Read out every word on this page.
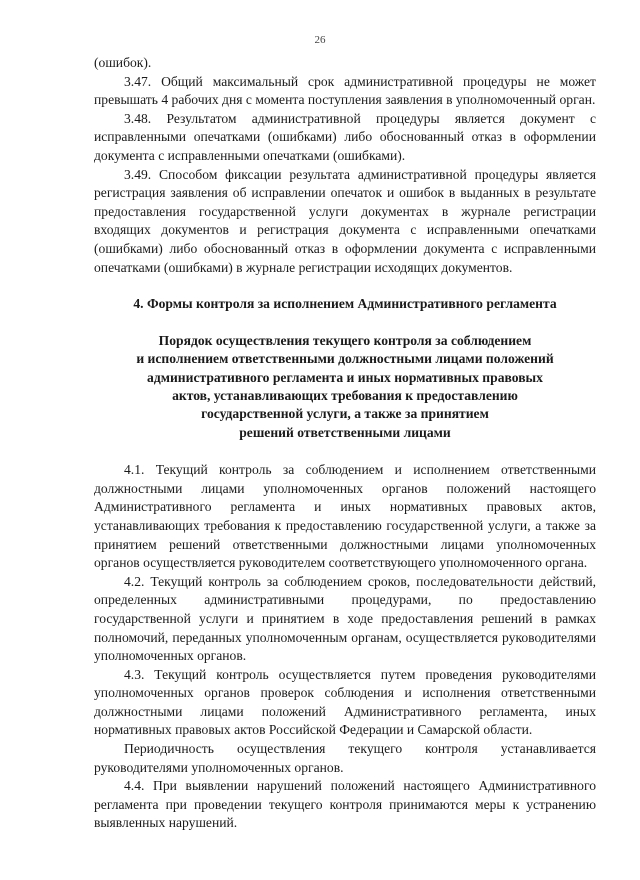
26

(ошибок).

3.47. Общий максимальный срок административной процедуры не может превышать 4 рабочих дня с момента поступления заявления в уполномоченный орган.

3.48. Результатом административной процедуры является документ с исправленными опечатками (ошибками) либо обоснованный отказ в оформлении документа с исправленными опечатками (ошибками).

3.49. Способом фиксации результата административной процедуры является регистрация заявления об исправлении опечаток и ошибок в выданных в результате предоставления государственной услуги документах в журнале регистрации входящих документов и регистрация документа с исправленными опечатками (ошибками) либо обоснованный отказ в оформлении документа с исправленными опечатками (ошибками) в журнале регистрации исходящих документов.

4. Формы контроля за исполнением Административного регламента
Порядок осуществления текущего контроля за соблюдением
и исполнением ответственными должностными лицами положений
административного регламента и иных нормативных правовых
актов, устанавливающих требования к предоставлению
государственной услуги, а также за принятием
решений ответственными лицами

4.1. Текущий контроль за соблюдением и исполнением ответственными должностными лицами уполномоченных органов положений настоящего Административного регламента и иных нормативных правовых актов, устанавливающих требования к предоставлению государственной услуги, а также за принятием решений ответственными должностными лицами уполномоченных органов осуществляется руководителем соответствующего уполномоченного органа.

4.2. Текущий контроль за соблюдением сроков, последовательности действий, определенных административными процедурами, по предоставлению государственной услуги и принятием в ходе предоставления решений в рамках полномочий, переданных уполномоченным органам, осуществляется руководителями уполномоченных органов.

4.3. Текущий контроль осуществляется путем проведения руководителями уполномоченных органов проверок соблюдения и исполнения ответственными должностными лицами положений Административного регламента, иных нормативных правовых актов Российской Федерации и Самарской области.

Периодичность осуществления текущего контроля устанавливается руководителями уполномоченных органов.

4.4. При выявлении нарушений положений настоящего Административного регламента при проведении текущего контроля принимаются меры к устранению выявленных нарушений.
